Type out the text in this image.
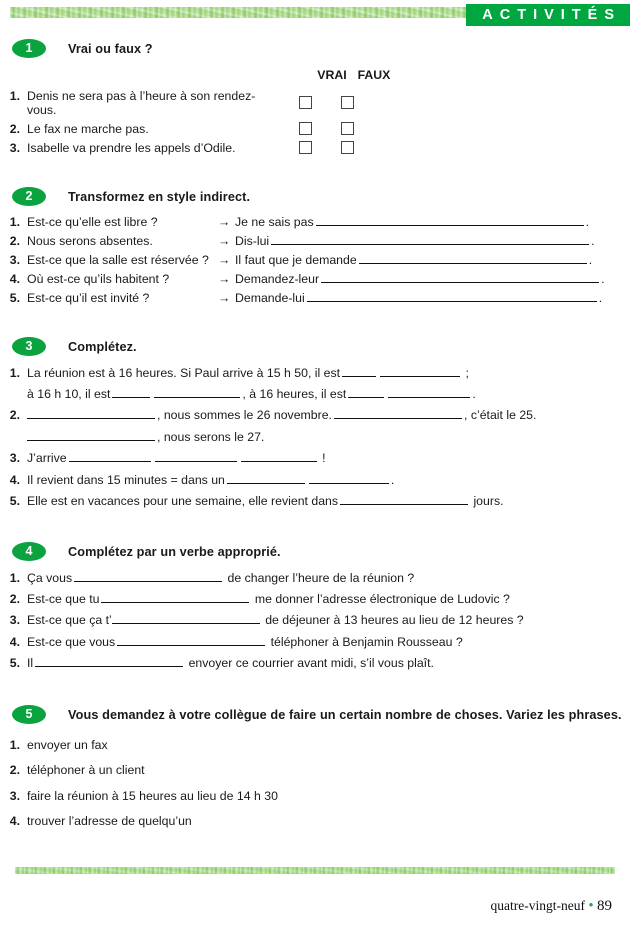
ACTIVITÉS
1	Vrai ou faux ?
VRAI FAUX
1. Denis ne sera pas à l’heure à son rendez-vous.
2. Le fax ne marche pas.
3. Isabelle va prendre les appels d’Odile.
2	Transformez en style indirect.
1. Est-ce qu’elle est libre ?	→ Je ne sais pas	.
2. Nous serons absentes.	→ Dis-lui	.
3. Est-ce que la salle est réservée ? → Il faut que je demande	.
4. Où est-ce qu’ils habitent ?	→ Demandez-leur	.
5. Est-ce qu’il est invité ?	→ Demande-lui	.
3	Complétez.
1. La réunion est à 16 heures. Si Paul arrive à 15 h 50, il est	;
à 16 h 10, il est	, à 16 heures, il est	.
2.	, nous sommes le 26 novembre.	, c’était le 25.
, nous serons le 27.
3. J’arrive	!
4. Il revient dans 15 minutes = dans un	.
5. Elle est en vacances pour une semaine, elle revient dans	jours.
4	Complétez par un verbe approprié.
1. Ça vous	de changer l’heure de la réunion ?
2. Est-ce que tu	me donner l’adresse électronique de Ludovic ?
3. Est-ce que ça t’	de déjeuner à 13 heures au lieu de 12 heures ?
4. Est-ce que vous	téléphoner à Benjamin Rousseau ?
5. Il	envoyer ce courrier avant midi, s’il vous plaît.
5	Vous demandez à votre collègue de faire un certain nombre de choses. Variez les phrases.
1. envoyer un fax
2. téléphoner à un client
3. faire la réunion à 15 heures au lieu de 14 h 30
4. trouver l’adresse de quelqu’un
quatre-vingt-neuf • 89
